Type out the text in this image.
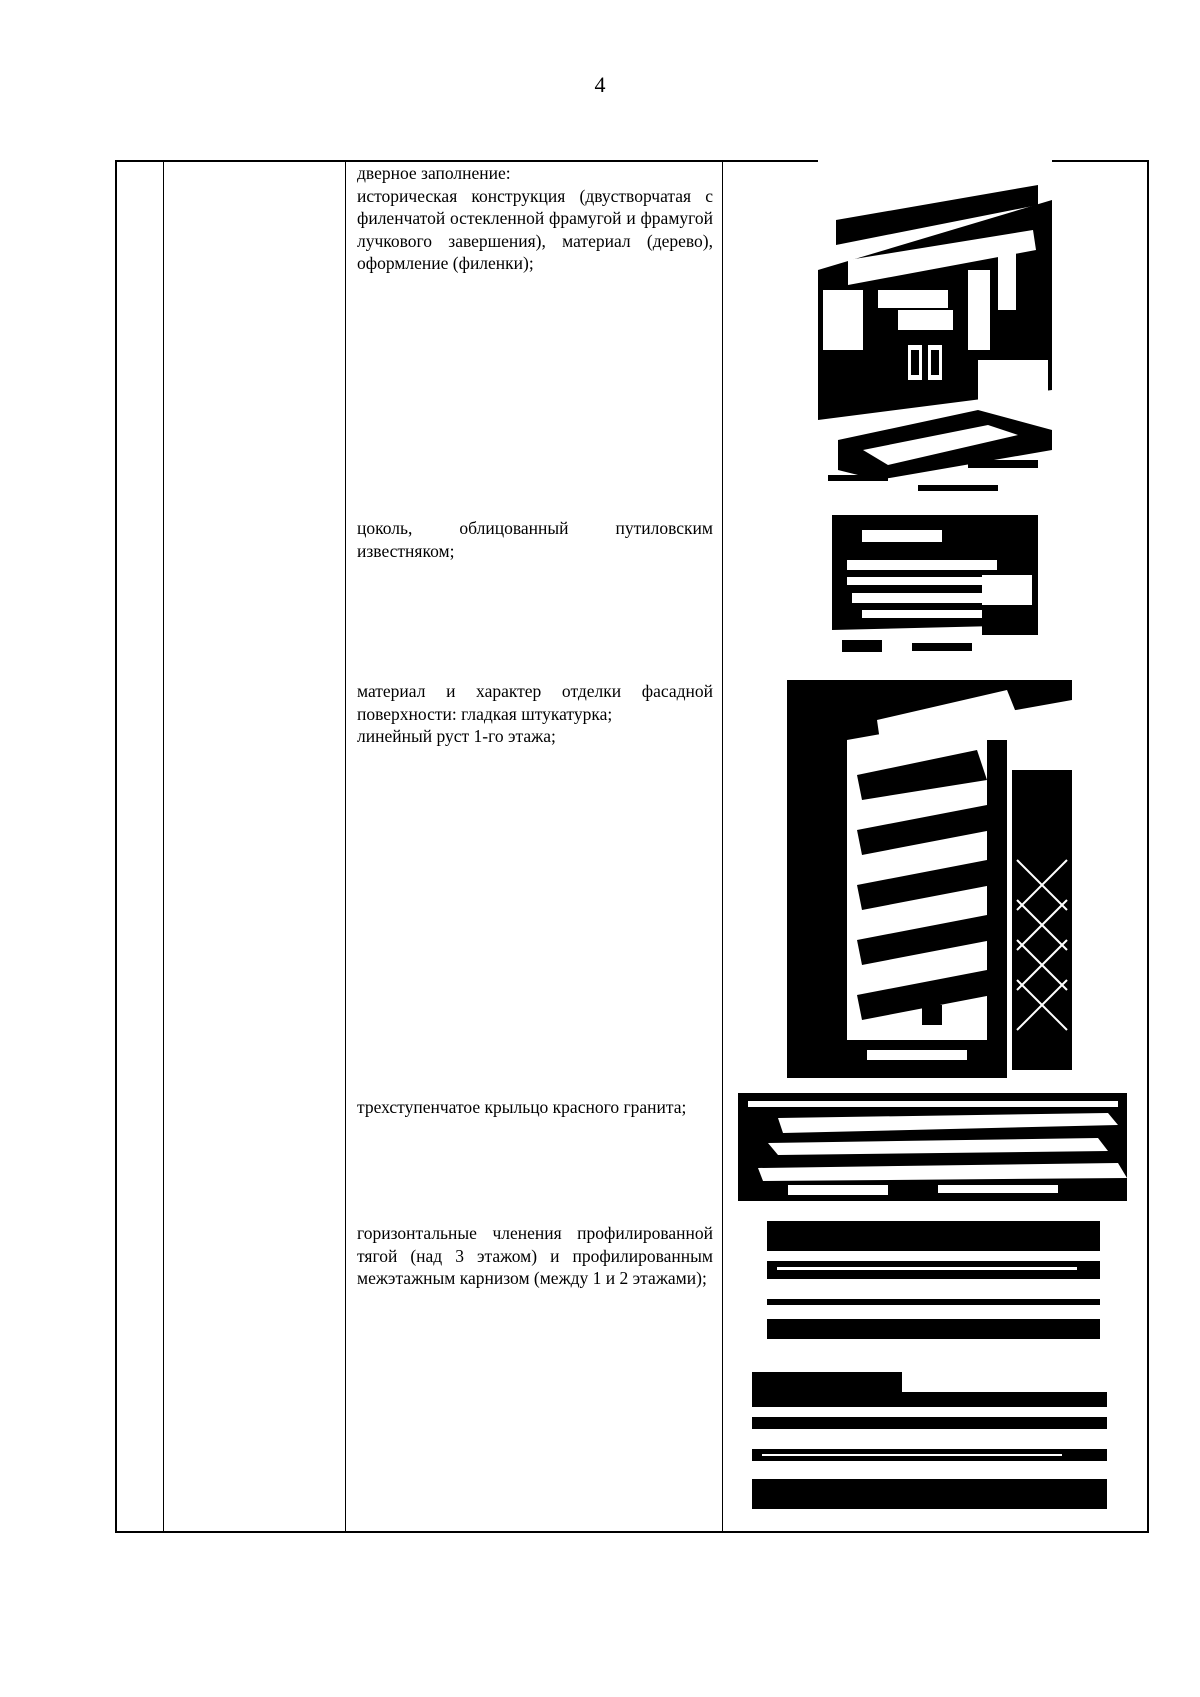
4

дверное заполнение:

историческая конструкция (двустворчатая с филенчатой остекленной фрамугой и фрамугой лучкового завершения), материал (дерево), оформление (филенки);

цоколь, облицованный путиловским известняком;

материал и характер отделки фасадной поверхности: гладкая штукатурка;

линейный руст 1-го этажа;

трехступенчатое крыльцо красного гранита;

горизонтальные членения профилированной тягой (над 3 этажом) и профилированным межэтажным карнизом (между 1 и 2 этажами);
